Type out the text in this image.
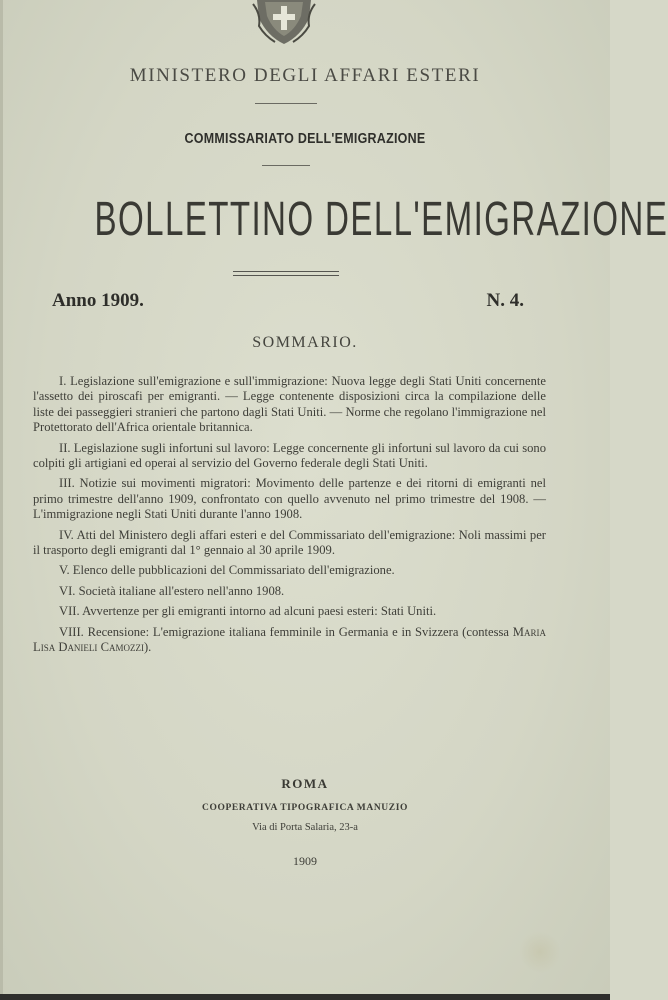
MINISTERO DEGLI AFFARI ESTERI
COMMISSARIATO DELL'EMIGRAZIONE
BOLLETTINO DELL'EMIGRAZIONE
Anno 1909.	N. 4.
SOMMARIO.

I. Legislazione sull'emigrazione e sull'immigrazione: Nuova legge degli Stati Uniti concernente l'assetto dei piroscafi per emigranti. — Legge contenente disposizioni circa la compilazione delle liste dei passeggieri stranieri che partono dagli Stati Uniti. — Norme che regolano l'immigrazione nel Protettorato dell'Africa orientale britannica.

II. Legislazione sugli infortuni sul lavoro: Legge concernente gli infortuni sul lavoro da cui sono colpiti gli artigiani ed operai al servizio del Governo federale degli Stati Uniti.

III. Notizie sui movimenti migratori: Movimento delle partenze e dei ritorni di emigranti nel primo trimestre dell'anno 1909, confrontato con quello avvenuto nel primo trimestre del 1908. — L'immigrazione negli Stati Uniti durante l'anno 1908.

IV. Atti del Ministero degli affari esteri e del Commissariato dell'emigrazione: Noli massimi per il trasporto degli emigranti dal 1° gennaio al 30 aprile 1909.

V. Elenco delle pubblicazioni del Commissariato dell'emigrazione.

VI. Società italiane all'estero nell'anno 1908.

VII. Avvertenze per gli emigranti intorno ad alcuni paesi esteri: Stati Uniti.

VIII. Recensione: L'emigrazione italiana femminile in Germania e in Svizzera (contessa Maria Lisa Danieli Camozzi).

ROMA
COOPERATIVA TIPOGRAFICA MANUZIO
Via di Porta Salaria, 23-a
1909
